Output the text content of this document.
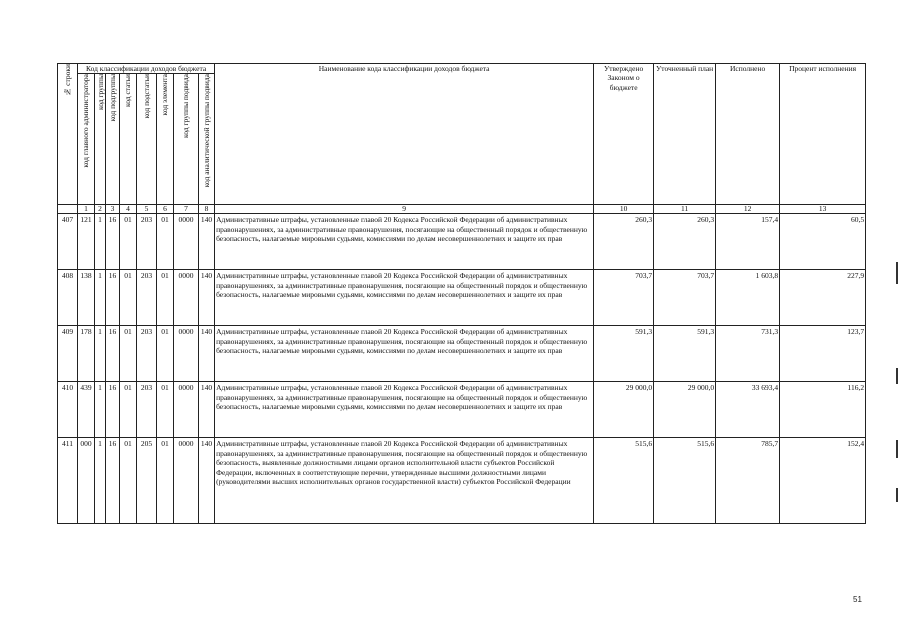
№ строки	Код классификации доходов бюджета								Наименование кода классификации доходов бюджета	Утверждено Законом о бюджете	Уточненный план	Исполнено	Процент исполнения

	код главного администратора	код группы	код подгруппы	код статьи	код подстатьи	код элемента	код группы подвида	код аналитической группы подвида					

	1	2	3	4	5	6	7	8	9	10	11	12	13
407	121	1	16	01	203	01	0000	140	Административные штрафы, установленные главой 20 Кодекса Российской Федерации об административных правонарушениях, за административные правонарушения, посягающие на общественный порядок и общественную безопасность, налагаемые мировыми судьями, комиссиями по делам несовершеннолетних и защите их прав	260,3	260,3	157,4	60,5
408	138	1	16	01	203	01	0000	140	Административные штрафы, установленные главой 20 Кодекса Российской Федерации об административных правонарушениях, за административные правонарушения, посягающие на общественный порядок и общественную безопасность, налагаемые мировыми судьями, комиссиями по делам несовершеннолетних и защите их прав	703,7	703,7	1 603,8	227,9
409	178	1	16	01	203	01	0000	140	Административные штрафы, установленные главой 20 Кодекса Российской Федерации об административных правонарушениях, за административные правонарушения, посягающие на общественный порядок и общественную безопасность, налагаемые мировыми судьями, комиссиями по делам несовершеннолетних и защите их прав	591,3	591,3	731,3	123,7
410	439	1	16	01	203	01	0000	140	Административные штрафы, установленные главой 20 Кодекса Российской Федерации об административных правонарушениях, за административные правонарушения, посягающие на общественный порядок и общественную безопасность, налагаемые мировыми судьями, комиссиями по делам несовершеннолетних и защите их прав	29 000,0	29 000,0	33 693,4	116,2
411	000	1	16	01	205	01	0000	140	Административные штрафы, установленные главой 20 Кодекса Российской Федерации об административных правонарушениях, за административные правонарушения, посягающие на общественный порядок и общественную безопасность, выявленные должностными лицами органов исполнительной власти субъектов Российской Федерации, включенных в соответствующие перечни, утвержденные высшими должностными лицами (руководителями высших исполнительных органов государственной власти) субъектов Российской Федерации	515,6	515,6	785,7	152,4
51
